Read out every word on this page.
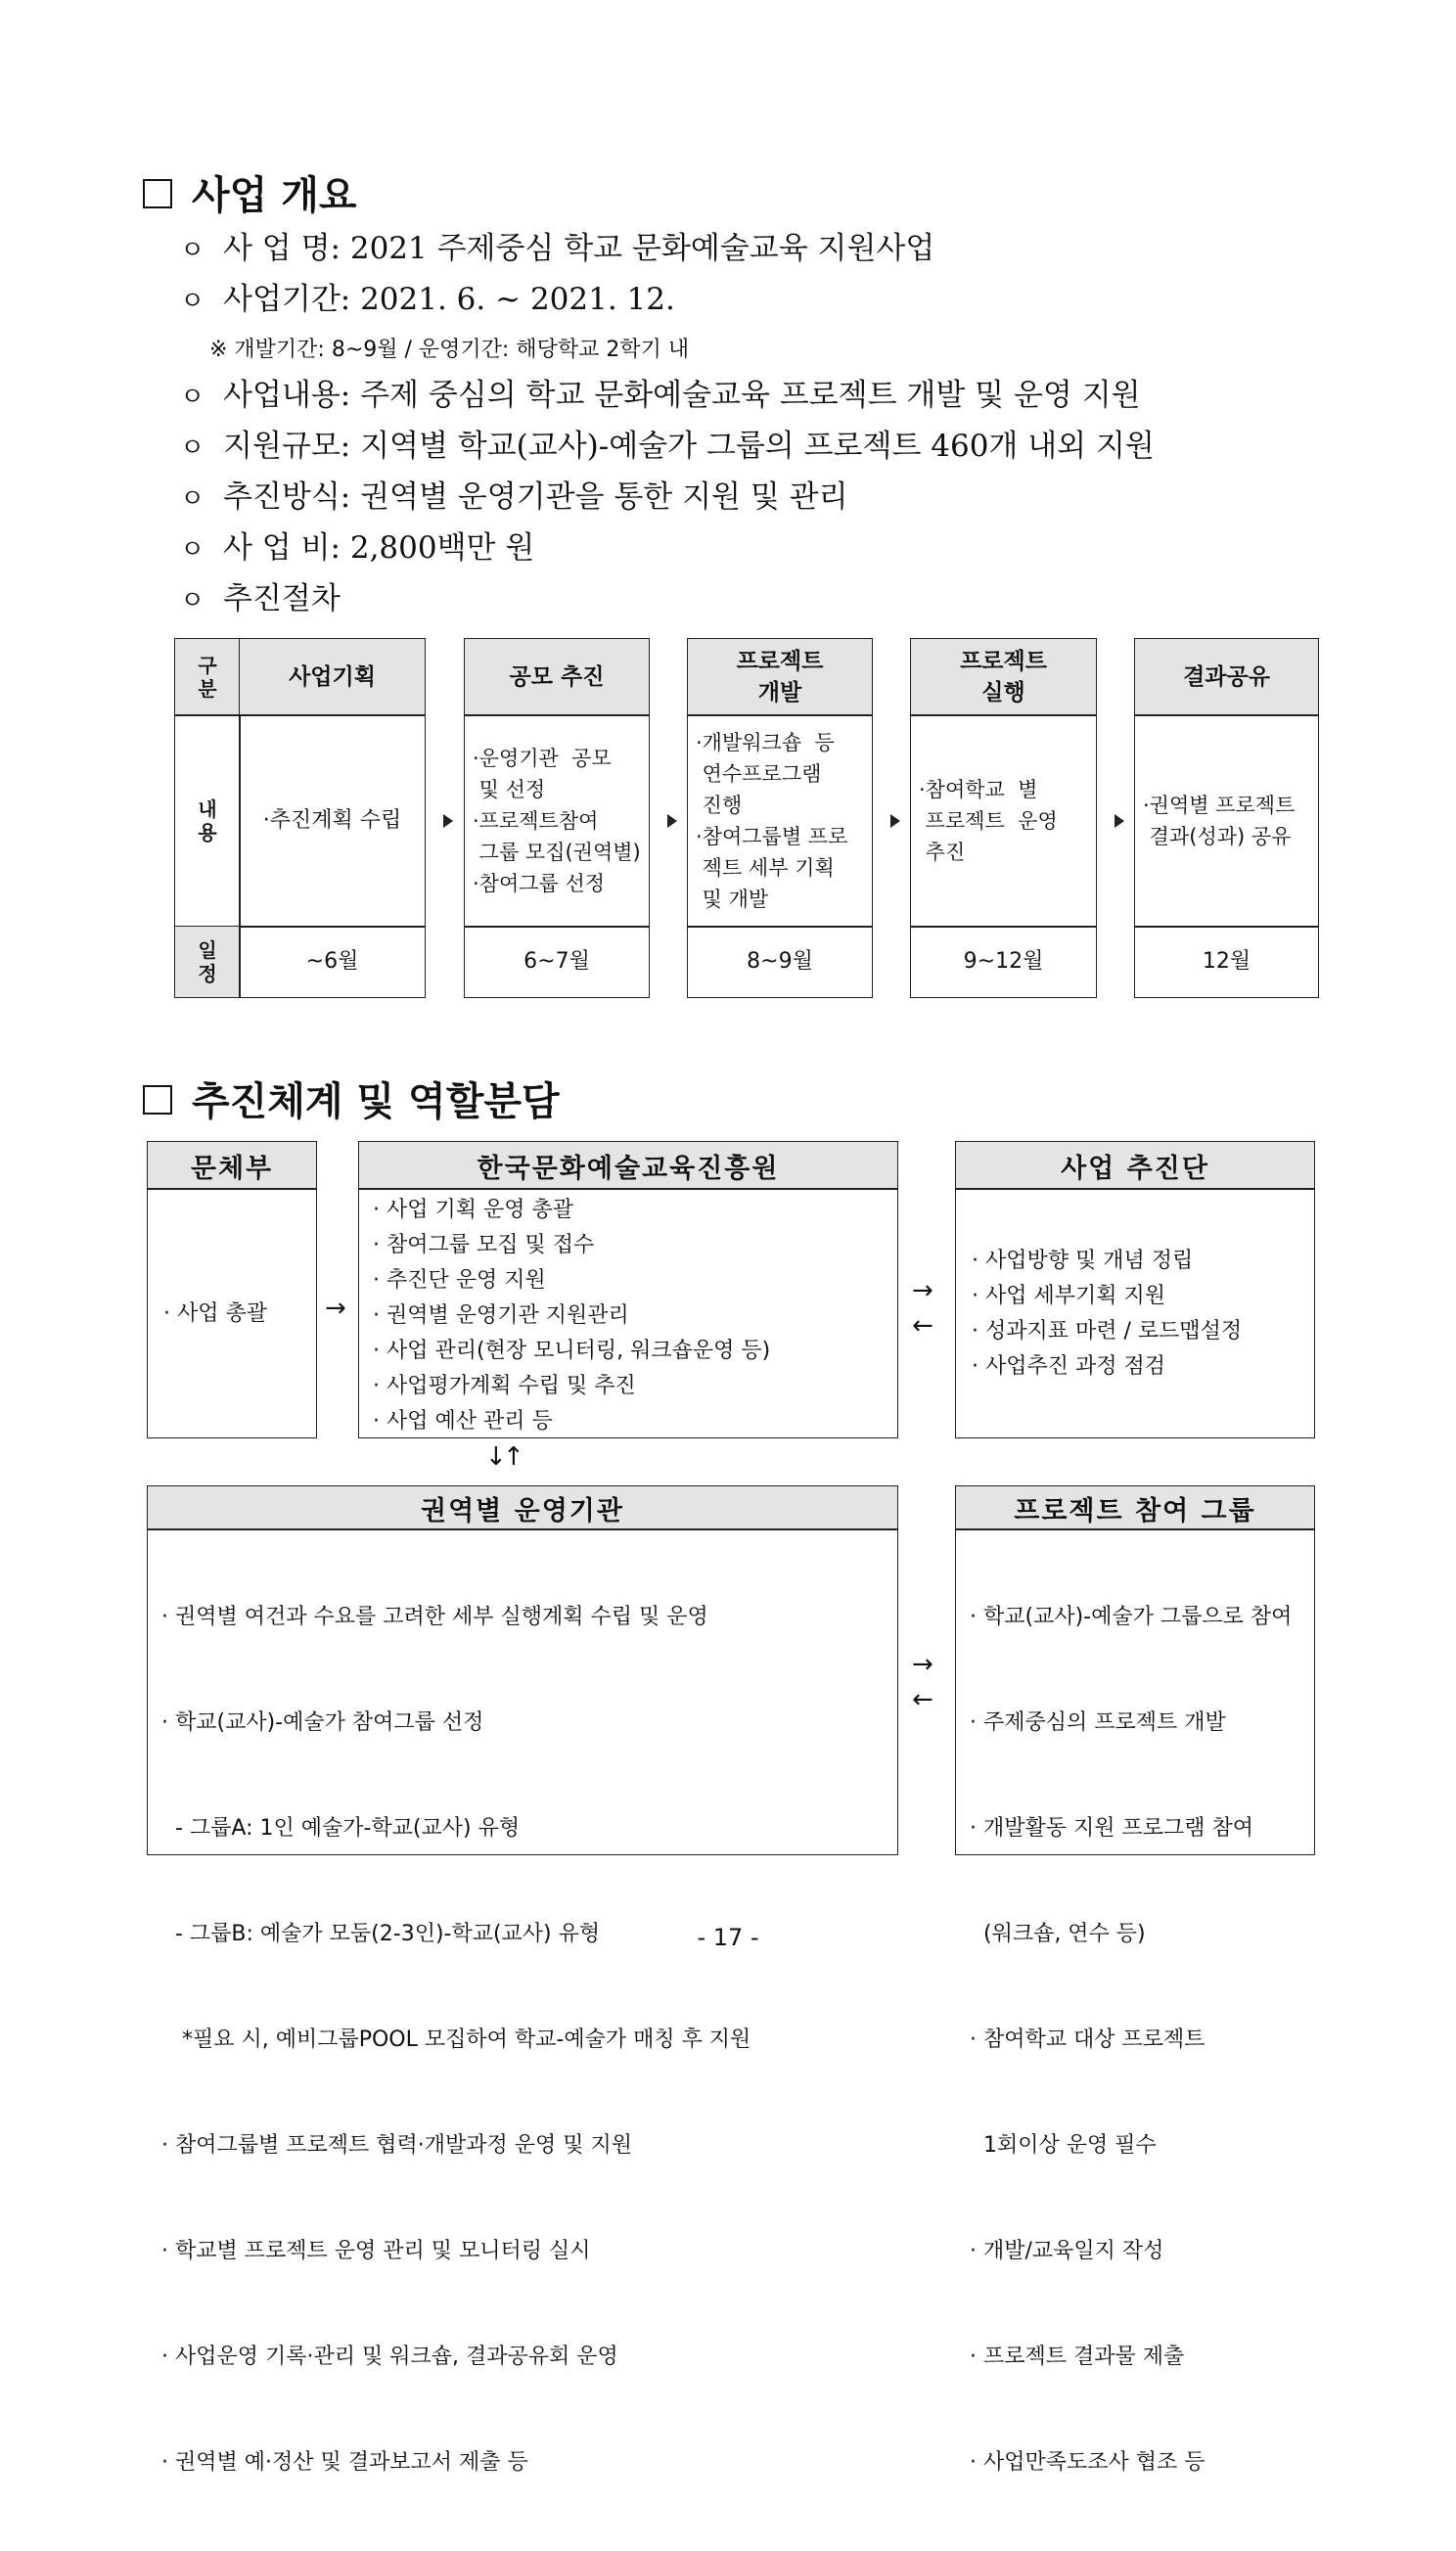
사업 개요
ㅇ 사 업 명: 2021 주제중심 학교 문화예술교육 지원사업
ㅇ 사업기간: 2021. 6. ~ 2021. 12.
※ 개발기간: 8~9월 / 운영기간: 해당학교 2학기 내
ㅇ 사업내용: 주제 중심의 학교 문화예술교육 프로젝트 개발 및 운영 지원
ㅇ 지원규모: 지역별 학교(교사)-예술가 그룹의 프로젝트 460개 내외 지원
ㅇ 추진방식: 권역별 운영기관을 통한 지원 및 관리
ㅇ 사 업 비: 2,800백만 원
ㅇ 추진절차
구
분
내
용
일
정
사업기획
·추진계획 수립
~6월
공모 추진
·운영기관  공모
및 선정
·프로젝트참여
그룹 모집(권역별)
·참여그룹 선정
6~7월
프로젝트
개발
·개발워크숍  등
연수프로그램
진행
·참여그룹별 프로
젝트 세부 기획
및 개발
8~9월
프로젝트
실행
·참여학교  별
프로젝트  운영
추진
9~12월
결과공유
·권역별 프로젝트
결과(성과) 공유
12월
추진체계 및 역할분담
문체부
· 사업 총괄 →
한국문화예술교육진흥원
· 사업 기획 운영 총괄
· 참여그룹 모집 및 접수
· 추진단 운영 지원
· 권역별 운영기관 지원관리
· 사업 관리(현장 모니터링, 워크숍운영 등)
· 사업평가계획 수립 및 추진
· 사업 예산 관리 등
→
←
사업 추진단
· 사업방향 및 개념 정립
· 사업 세부기획 지원
· 성과지표 마련 / 로드맵설정
· 사업추진 과정 점검
↓
↑
권역별 운영기관

· 권역별 여건과 수요를 고려한 세부 실행계획 수립 및 운영

· 학교(교사)-예술가 참여그룹 선정

- 그룹A: 1인 예술가-학교(교사) 유형

- 그룹B: 예술가 모둠(2-3인)-학교(교사) 유형

*필요 시, 예비그룹POOL 모집하여 학교-예술가 매칭 후 지원

· 참여그룹별 프로젝트 협력·개발과정 운영 및 지원

· 학교별 프로젝트 운영 관리 및 모니터링 실시

· 사업운영 기록·관리 및 워크숍, 결과공유회 운영

· 권역별 예·정산 및 결과보고서 제출 등

→
←
프로젝트 참여 그룹

· 학교(교사)-예술가 그룹으로 참여

· 주제중심의 프로젝트 개발

· 개발활동 지원 프로그램 참여

(워크숍, 연수 등)

· 참여학교 대상 프로젝트

1회이상 운영 필수

· 개발/교육일지 작성

· 프로젝트 결과물 제출

· 사업만족도조사 협조 등

- 17 -
